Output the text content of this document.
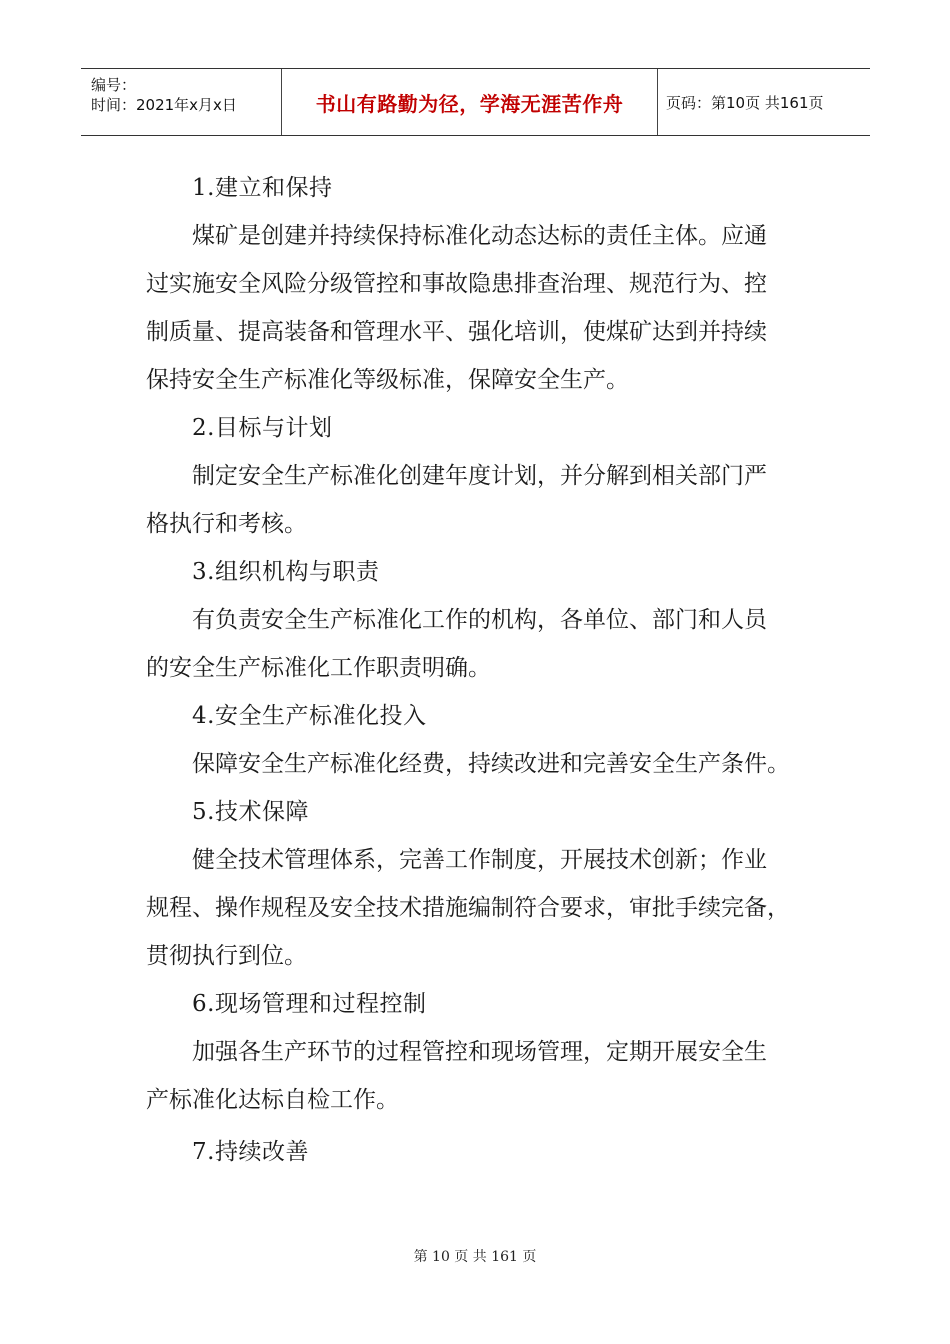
编号：
时间：2021年x月x日	书山有路勤为径，学海无涯苦作舟	页码：第10页 共161页

1.建立和保持

煤矿是创建并持续保持标准化动态达标的责任主体。应通

过实施安全风险分级管控和事故隐患排查治理、规范行为、控

制质量、提高装备和管理水平、强化培训，使煤矿达到并持续

保持安全生产标准化等级标准，保障安全生产。

2.目标与计划

制定安全生产标准化创建年度计划，并分解到相关部门严

格执行和考核。

3.组织机构与职责

有负责安全生产标准化工作的机构，各单位、部门和人员

的安全生产标准化工作职责明确。

4.安全生产标准化投入

保障安全生产标准化经费，持续改进和完善安全生产条件。

5.技术保障

健全技术管理体系，完善工作制度，开展技术创新；作业

规程、操作规程及安全技术措施编制符合要求，审批手续完备，

贯彻执行到位。

6.现场管理和过程控制

加强各生产环节的过程管控和现场管理，定期开展安全生

产标准化达标自检工作。

7.持续改善

第 10 页 共 161 页
